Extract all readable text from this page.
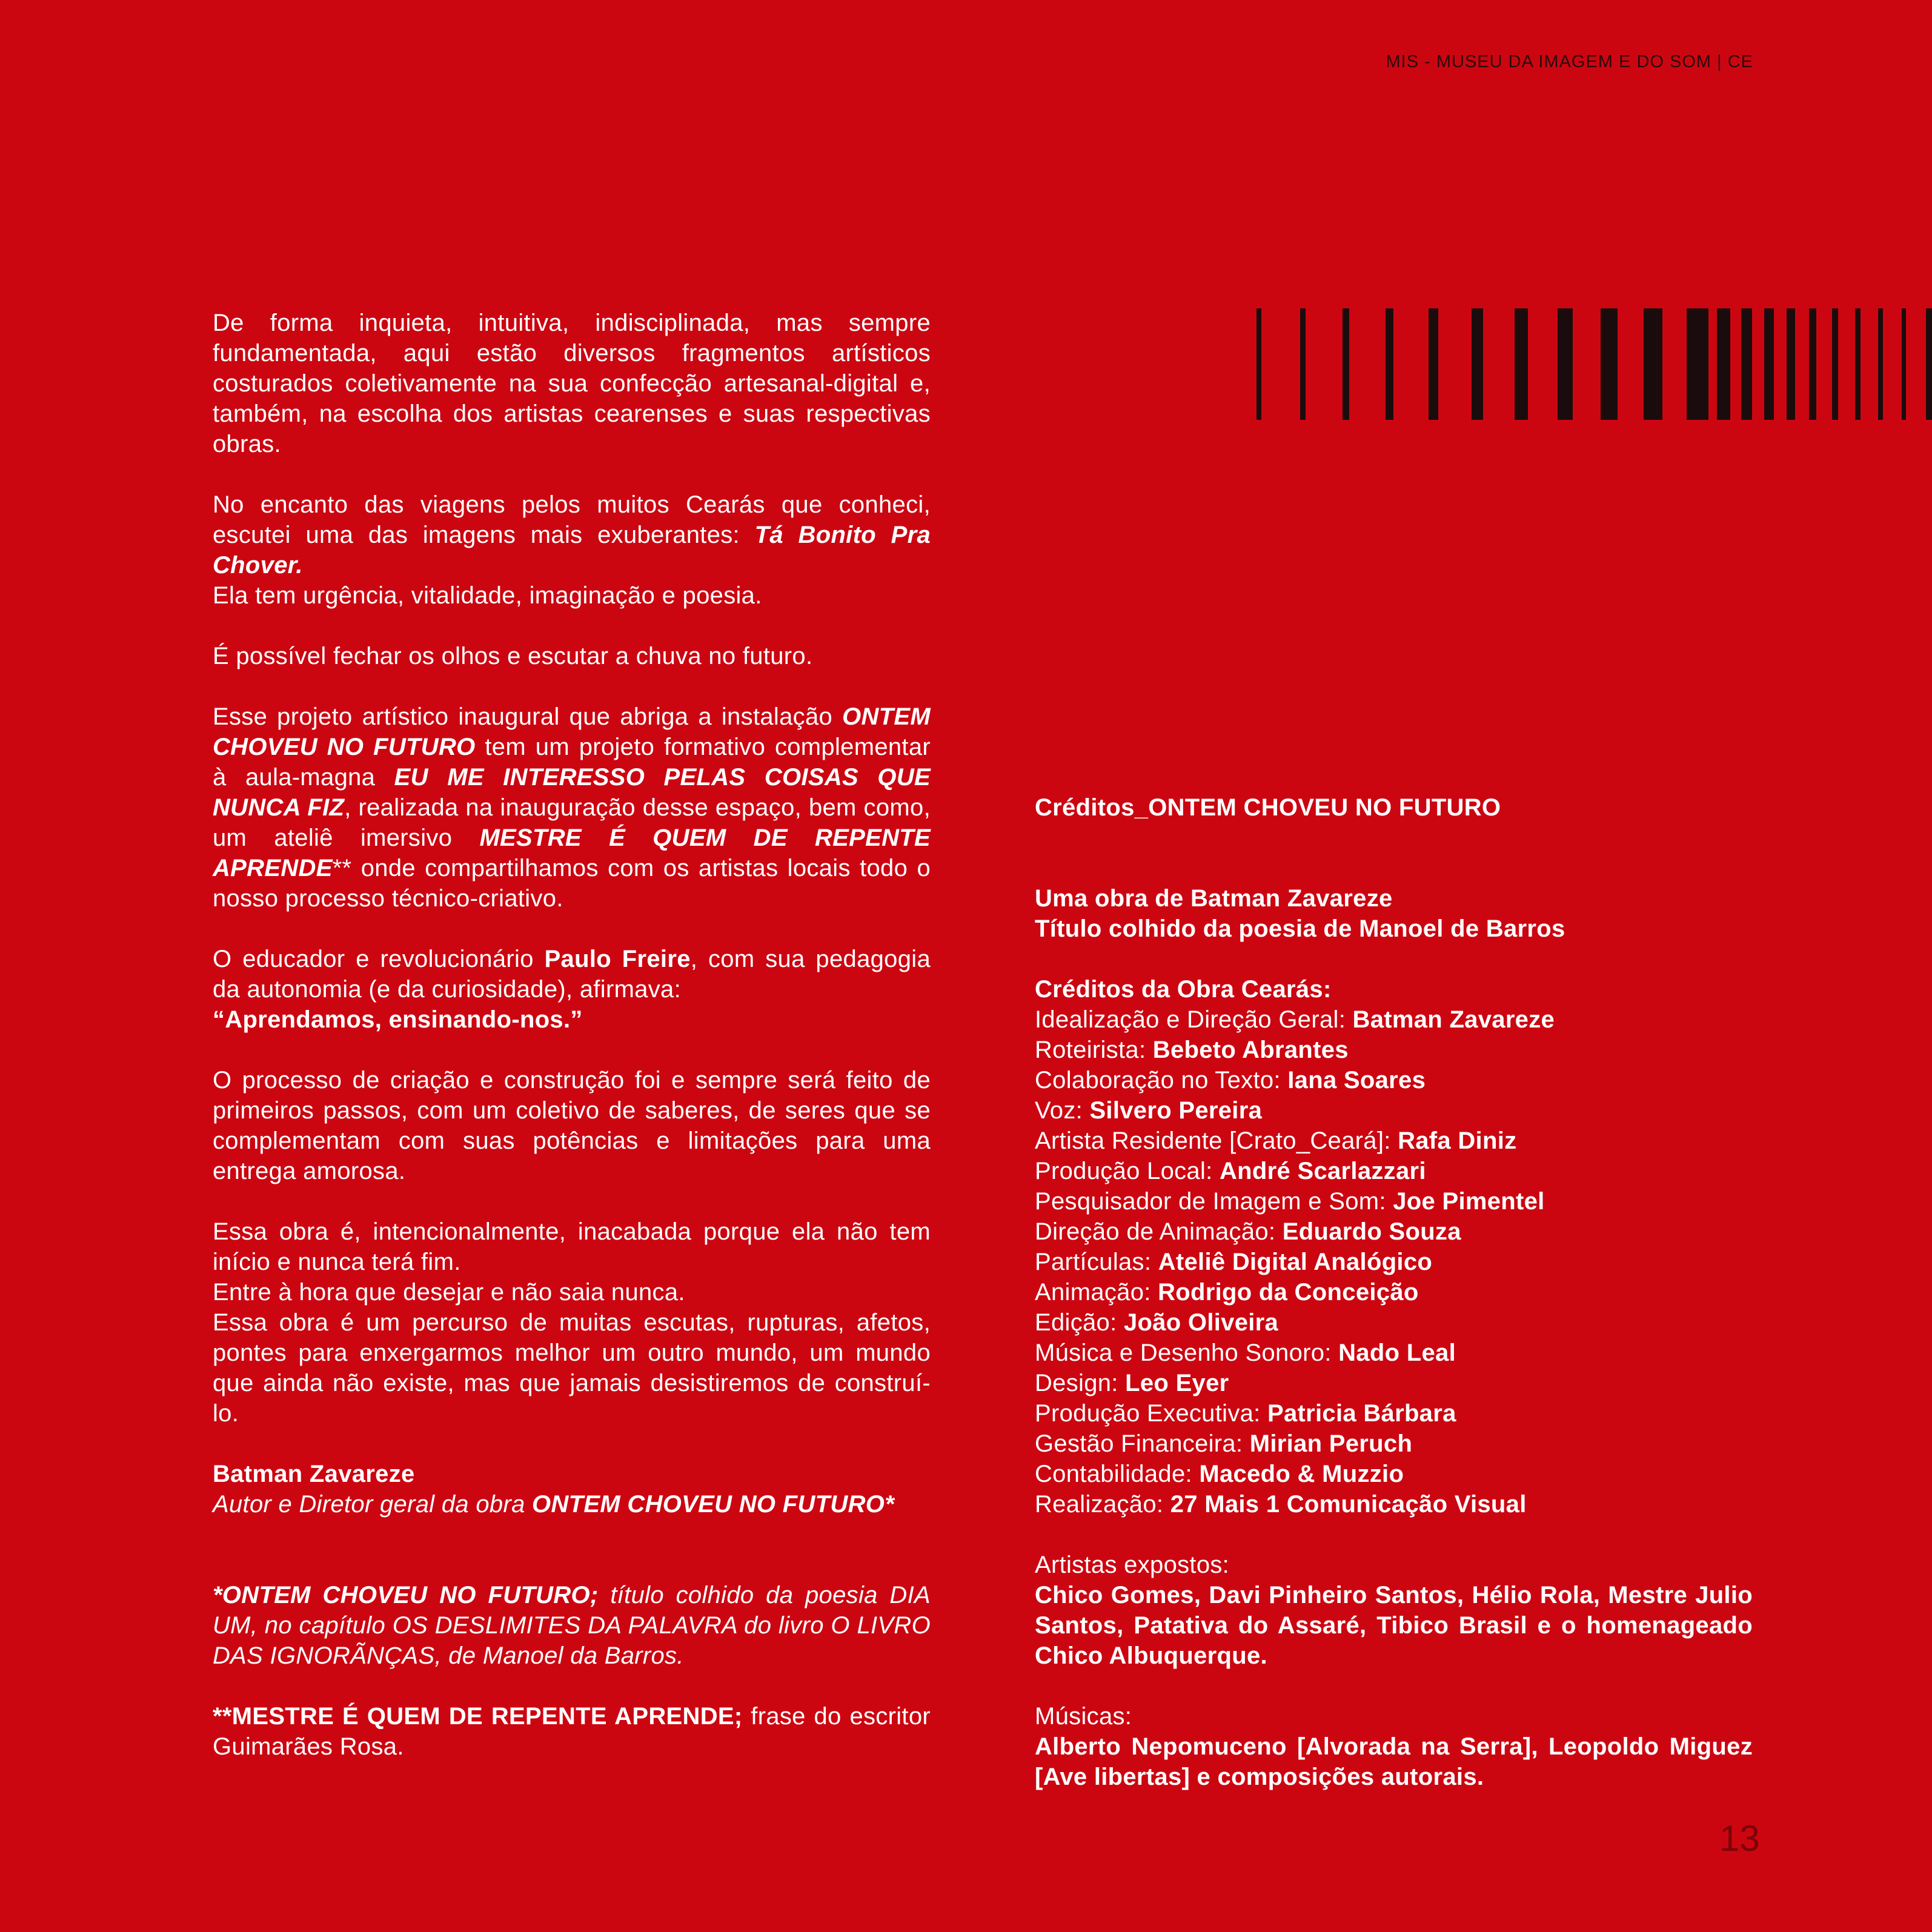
MIS - MUSEU DA IMAGEM E DO SOM | CE

De forma inquieta, intuitiva, indisciplinada, mas sempre fundamentada, aqui estão diversos fragmentos artísticos costurados coletivamente na sua confecção artesanal-digital e, também, na escolha dos artistas cearenses e suas respectivas obras.

No encanto das viagens pelos muitos Cearás que conheci, escutei uma das imagens mais exuberantes: Tá Bonito Pra Chover.

Ela tem urgência, vitalidade, imaginação e poesia.

É possível fechar os olhos e escutar a chuva no futuro.

Esse projeto artístico inaugural que abriga a instalação ONTEM CHOVEU NO FUTURO tem um projeto formativo complementar à aula-magna EU ME INTERESSO PELAS COISAS QUE NUNCA FIZ, realizada na inauguração desse espaço, bem como, um ateliê imersivo MESTRE É QUEM DE REPENTE APRENDE** onde compartilhamos com os artistas locais todo o nosso processo técnico-criativo.

O educador e revolucionário Paulo Freire, com sua pedagogia da autonomia (e da curiosidade), afirmava:
“Aprendamos, ensinando-nos.”

O processo de criação e construção foi e sempre será feito de primeiros passos, com um coletivo de saberes, de seres que se complementam com suas potências e limitações para uma entrega amorosa.

Essa obra é, intencionalmente, inacabada porque ela não tem início e nunca terá fim.
Entre à hora que desejar e não saia nunca.
Essa obra é um percurso de muitas escutas, rupturas, afetos, pontes para enxergarmos melhor um outro mundo, um mundo que ainda não existe, mas que jamais desistiremos de construí-lo.

Batman Zavareze
Autor e Diretor geral da obra ONTEM CHOVEU NO FUTURO*

*ONTEM CHOVEU NO FUTURO; título colhido da poesia DIA UM, no capítulo OS DESLIMITES DA PALAVRA do livro O LIVRO DAS IGNORÃNÇAS, de Manoel da Barros.

**MESTRE É QUEM DE REPENTE APRENDE; frase do escritor Guimarães Rosa.

Créditos_ONTEM CHOVEU NO FUTURO

Uma obra de Batman Zavareze
Título colhido da poesia de Manoel de Barros

Créditos da Obra Cearás:
Idealização e Direção Geral: Batman Zavareze
Roteirista: Bebeto Abrantes
Colaboração no Texto: Iana Soares
Voz: Silvero Pereira
Artista Residente [Crato_Ceará]: Rafa Diniz
Produção Local: André Scarlazzari
Pesquisador de Imagem e Som: Joe Pimentel
Direção de Animação: Eduardo Souza
Partículas: Ateliê Digital Analógico
Animação: Rodrigo da Conceição
Edição: João Oliveira
Música e Desenho Sonoro: Nado Leal
Design: Leo Eyer
Produção Executiva: Patricia Bárbara
Gestão Financeira: Mirian Peruch
Contabilidade: Macedo & Muzzio
Realização: 27 Mais 1 Comunicação Visual

Artistas expostos:
Chico Gomes, Davi Pinheiro Santos, Hélio Rola, Mestre Julio Santos, Patativa do Assaré, Tibico Brasil e o homenageado Chico Albuquerque.

Músicas:
Alberto Nepomuceno [Alvorada na Serra], Leopoldo Miguez [Ave libertas] e composições autorais.

13
